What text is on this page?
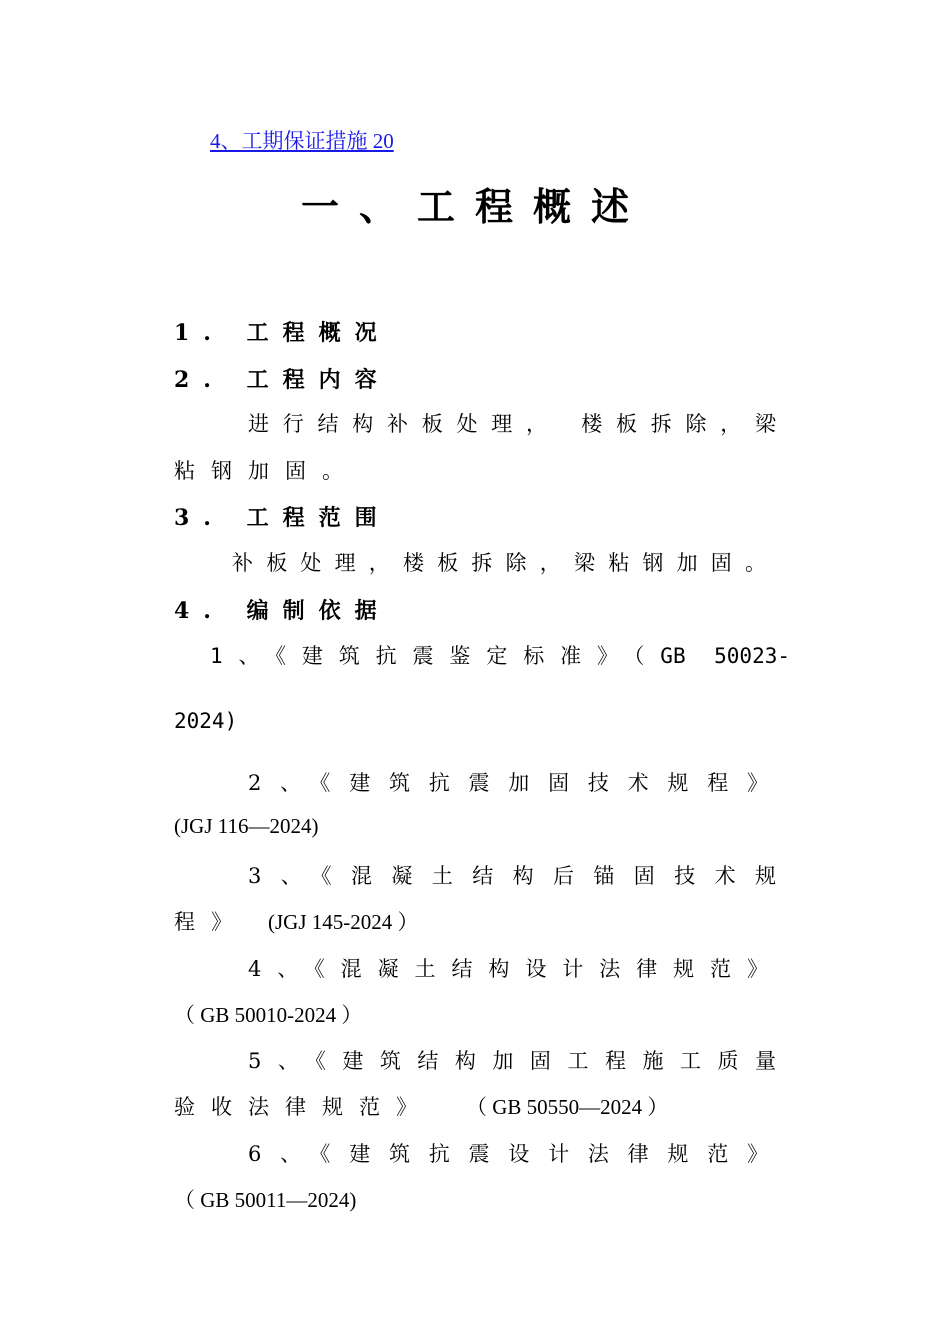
4、工期保证措施 20
一、工程概述
1. 工程概况
2. 工程内容
进行结构补板处理， 楼板拆除，梁
粘钢加固。
3. 工程范围
补板处理，楼板拆除，梁粘钢加固。
4. 编制依据
1、《建筑抗震鉴定标准》（GB 50023-
2024)
2、《建筑抗震加固技术规程》
(JGJ 116—2024)
3、《混凝土结构后锚固技术规
程》 (JGJ 145-2024 ）
4、《混凝土结构设计法律规范》
（ GB 50010-2024 ）
5、《建筑结构加固工程施工质量
验收法律规范》 （ GB 50550—2024 ）
6、《建筑抗震设计法律规范》
（ GB 50011—2024)
